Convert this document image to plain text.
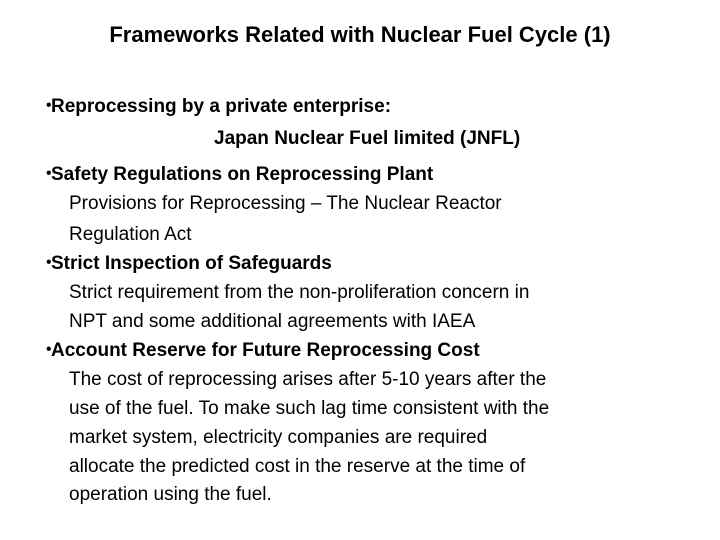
Frameworks Related with Nuclear Fuel Cycle (1)
･Reprocessing by a private enterprise:
Japan Nuclear Fuel limited (JNFL)
･Safety Regulations on Reprocessing Plant
Provisions for Reprocessing – The Nuclear Reactor
Regulation Act
･Strict Inspection of Safeguards
Strict requirement from the non-proliferation concern in
NPT and some additional agreements with IAEA
･Account Reserve for Future Reprocessing Cost
The cost of reprocessing arises after 5-10 years after the
use of the fuel. To make such lag time consistent with the
market system, electricity companies are required
allocate the predicted cost in the reserve at the time of
operation using the fuel.
